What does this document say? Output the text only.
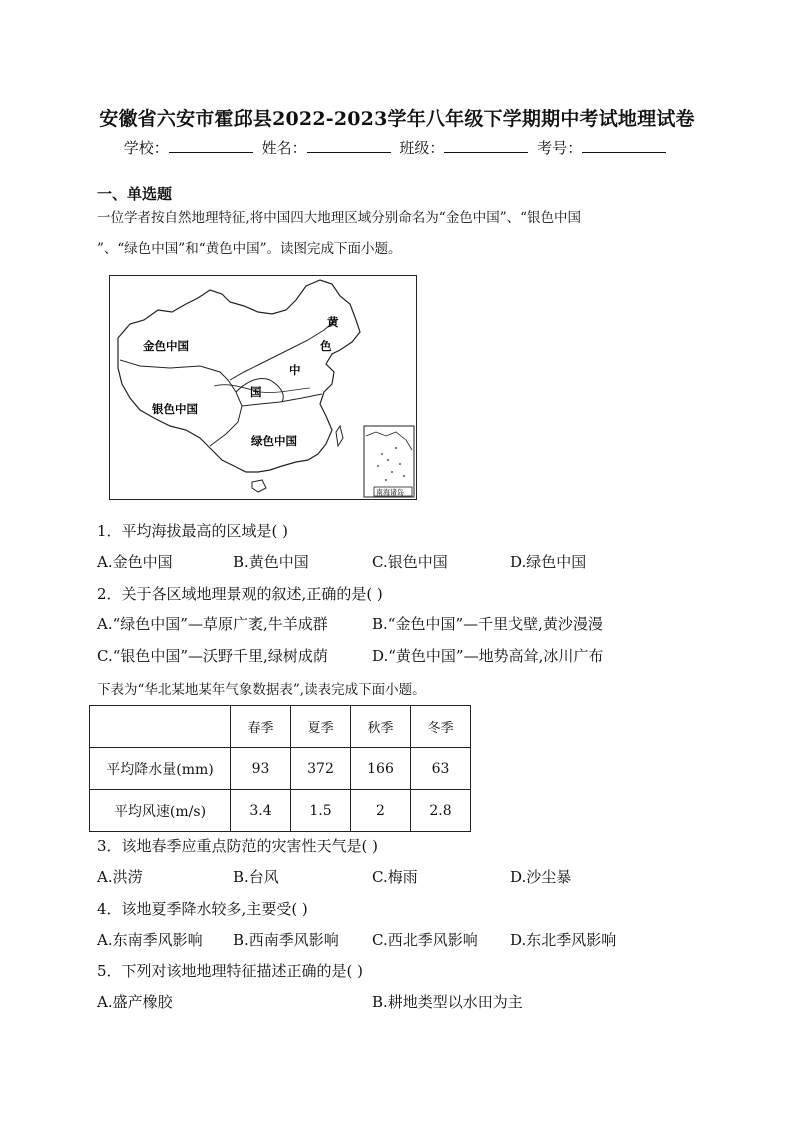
安徽省六安市霍邱县2022-2023学年八年级下学期期中考试地理试卷
学校：	姓名：	班级：	考号：
一、单选题
一位学者按自然地理特征,将中国四大地理区域分别命名为“金色中国”、“银色中国
”、“绿色中国”和“黄色中国”。读图完成下面小题。
金色中国
银色中国
绿色中国
黄
色
中
国
南海诸岛
1．平均海拔最高的区域是( )
A.金色中国	B.黄色中国	C.银色中国	D.绿色中国
2．关于各区域地理景观的叙述,正确的是( )
A.“绿色中国”—草原广袤,牛羊成群	B.“金色中国”—千里戈壁,黄沙漫漫
C.“银色中国”—沃野千里,绿树成荫	D.“黄色中国”—地势高耸,冰川广布
下表为“华北某地某年气象数据表”,读表完成下面小题。
	春季	夏季	秋季	冬季
平均降水量(mm)	93	372	166	63
平均风速(m/s)	3.4	1.5	2	2.8
3．该地春季应重点防范的灾害性天气是( )
A.洪涝	B.台风	C.梅雨	D.沙尘暴
4．该地夏季降水较多,主要受( )
A.东南季风影响 B.西南季风影响 C.西北季风影响 D.东北季风影响
5．下列对该地地理特征描述正确的是( )
A.盛产橡胶	B.耕地类型以水田为主
